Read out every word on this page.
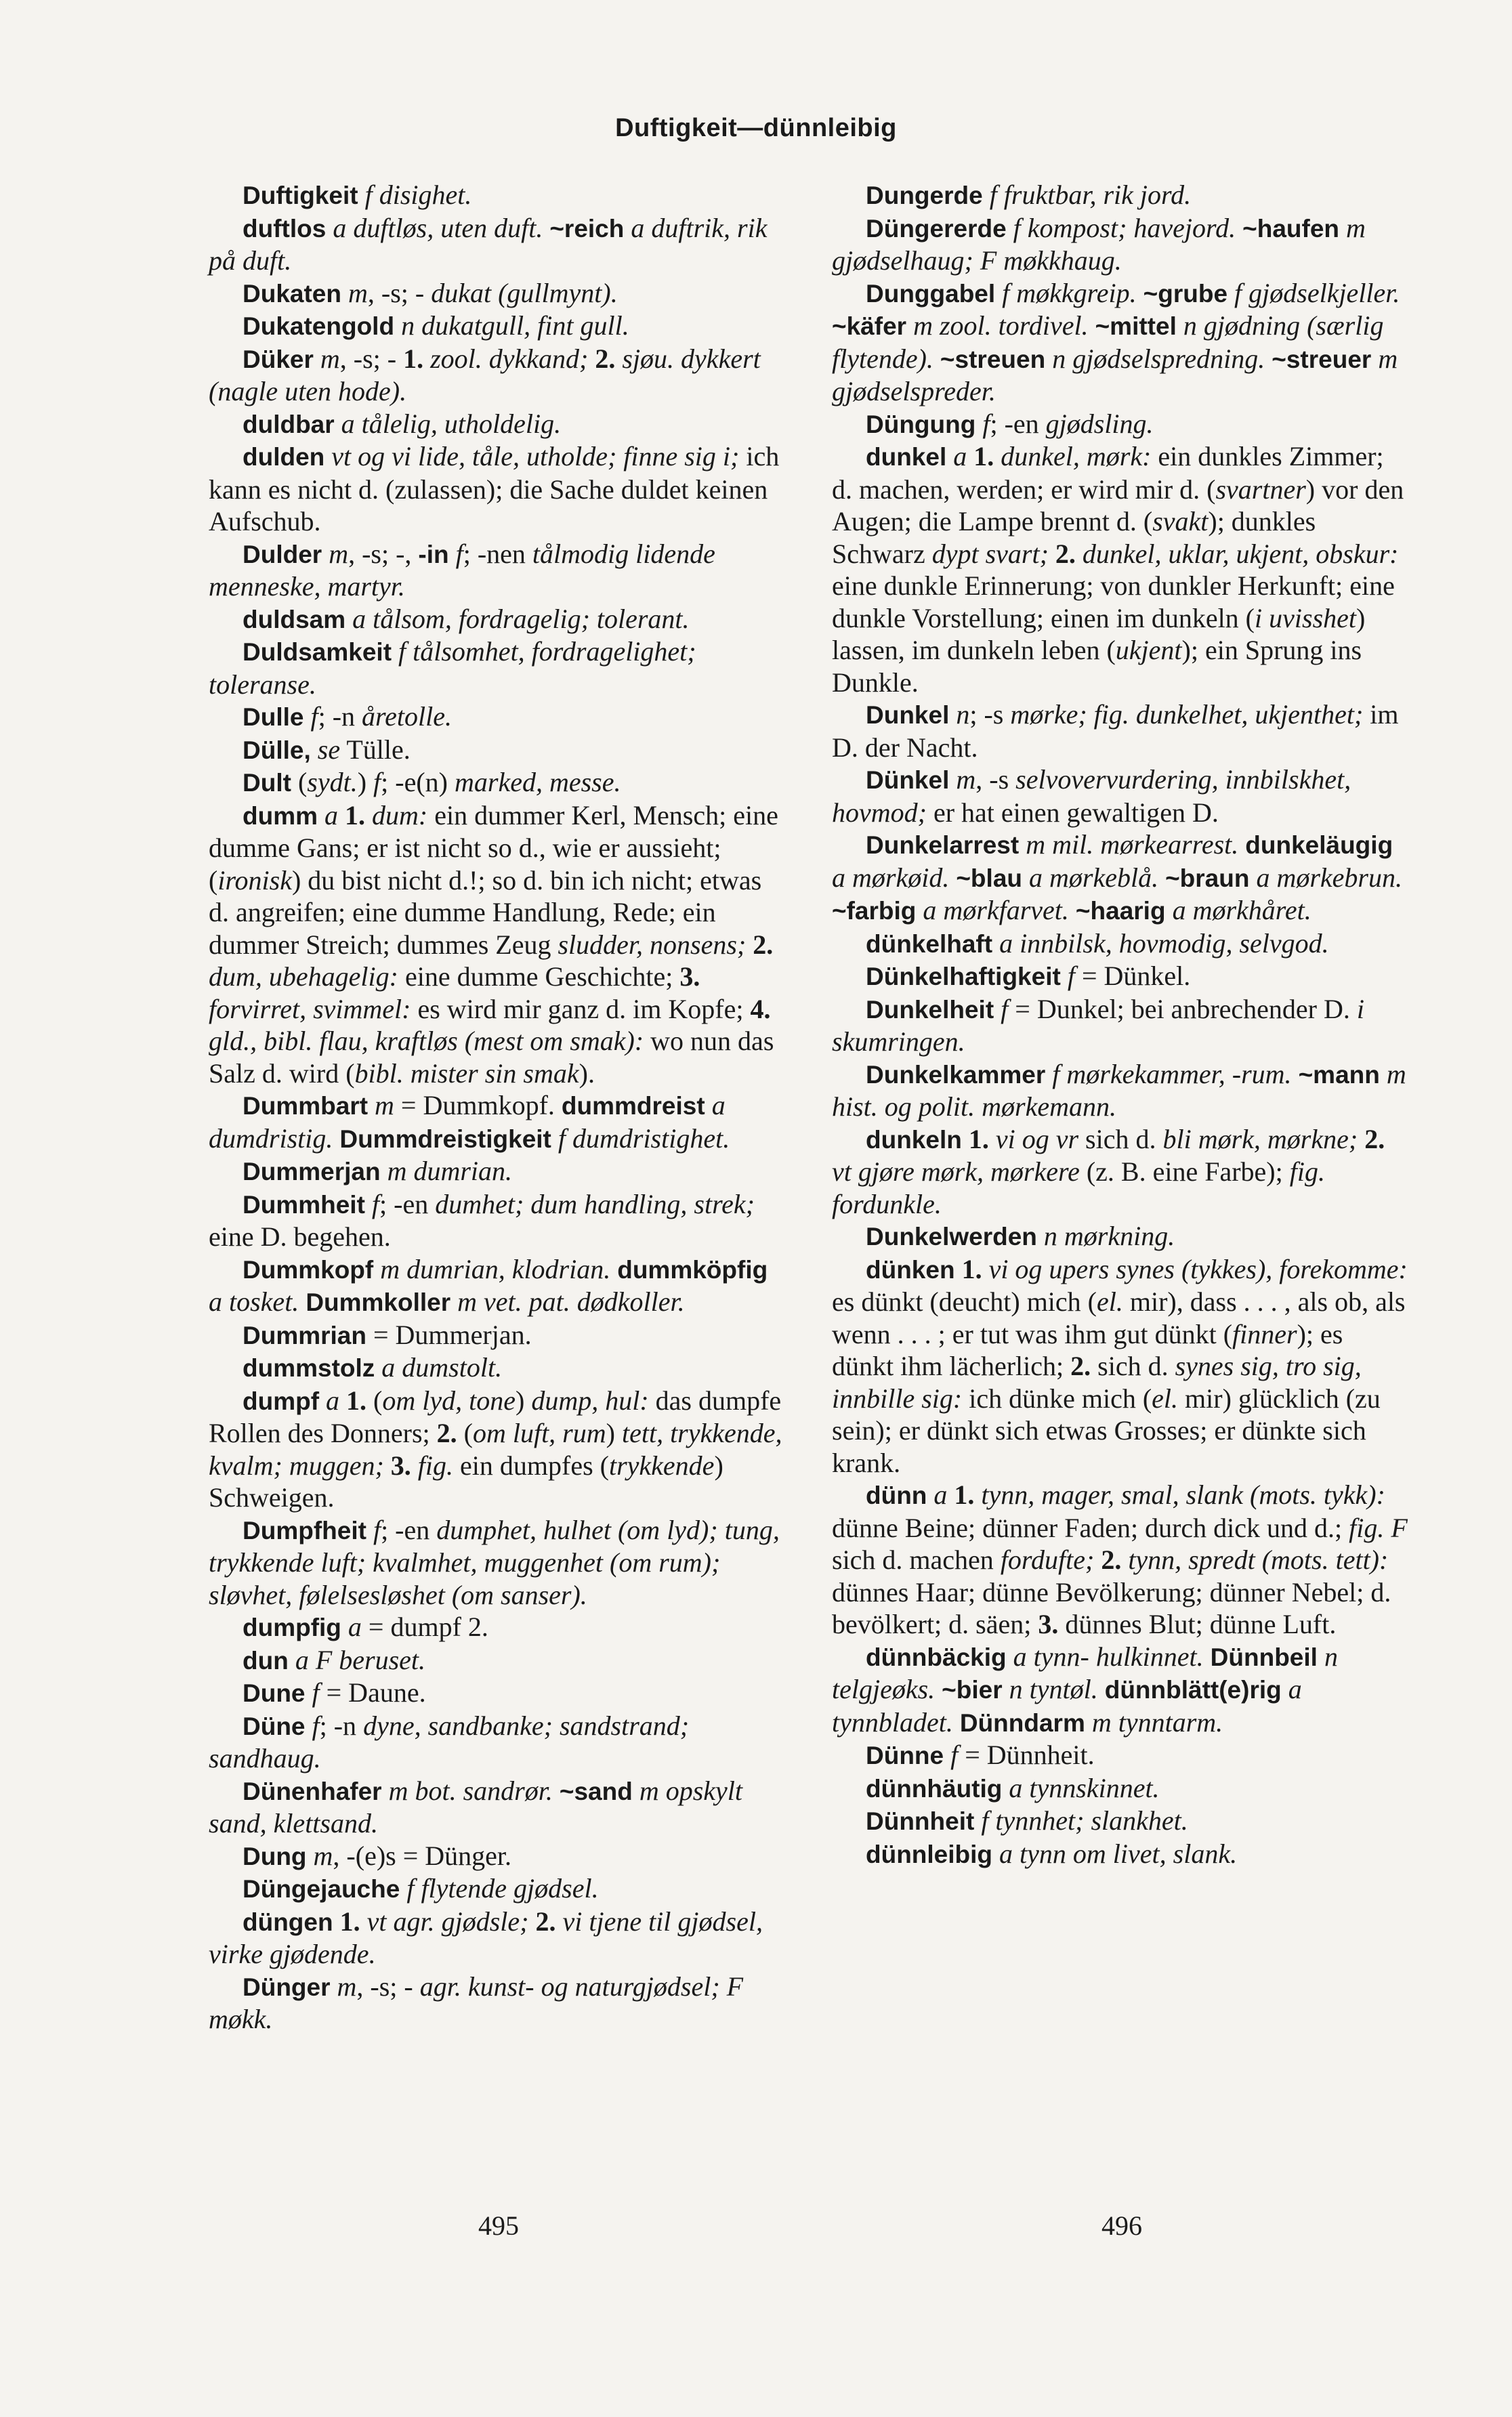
Duftigkeit—dünnleibig

Duftigkeit f disighet.

duftlos a duftløs, uten duft. ~reich a duftrik, rik på duft.

Dukaten m, -s; - dukat (gullmynt).

Dukatengold n dukatgull, fint gull.

Düker m, -s; - 1. zool. dykkand; 2. sjøu. dykkert (nagle uten hode).

duldbar a tålelig, utholdelig.

dulden vt og vi lide, tåle, utholde; finne sig i; ich kann es nicht d. (zulassen); die Sache duldet keinen Aufschub.

Dulder m, -s; -, -in f; -nen tålmodig lidende menneske, martyr.

duldsam a tålsom, fordragelig; tolerant.

Duldsamkeit f tålsomhet, fordragelighet; toleranse.

Dulle f; -n åretolle.

Dülle, se Tülle.

Dult (sydt.) f; -e(n) marked, messe.

dumm a 1. dum: ein dummer Kerl, Mensch; eine dumme Gans; er ist nicht so d., wie er aussieht; (ironisk) du bist nicht d.!; so d. bin ich nicht; etwas d. angreifen; eine dumme Handlung, Rede; ein dummer Streich; dummes Zeug sludder, nonsens; 2. dum, ubehagelig: eine dumme Geschichte; 3. forvirret, svimmel: es wird mir ganz d. im Kopfe; 4. gld., bibl. flau, kraftløs (mest om smak): wo nun das Salz d. wird (bibl. mister sin smak).

Dummbart m = Dummkopf. dummdreist a dumdristig. Dummdreistigkeit f dumdristighet.

Dummerjan m dumrian.

Dummheit f; -en dumhet; dum handling, strek; eine D. begehen.

Dummkopf m dumrian, klodrian. dummköpfig a tosket. Dummkoller m vet. pat. dødkoller.

Dummrian = Dummerjan.

dummstolz a dumstolt.

dumpf a 1. (om lyd, tone) dump, hul: das dumpfe Rollen des Donners; 2. (om luft, rum) tett, trykkende, kvalm; muggen; 3. fig. ein dumpfes (trykkende) Schweigen.

Dumpfheit f; -en dumphet, hulhet (om lyd); tung, trykkende luft; kvalmhet, muggenhet (om rum); sløvhet, følelsesløshet (om sanser).

dumpfig a = dumpf 2.

dun a F beruset.

Dune f = Daune.

Düne f; -n dyne, sandbanke; sandstrand; sandhaug.

Dünenhafer m bot. sandrør. ~sand m opskylt sand, klettsand.

Dung m, -(e)s = Dünger.

Düngejauche f flytende gjødsel.

düngen 1. vt agr. gjødsle; 2. vi tjene til gjødsel, virke gjødende.

Dünger m, -s; - agr. kunst- og naturgjødsel; F møkk.

Dungerde f fruktbar, rik jord.

Düngererde f kompost; havejord. ~haufen m gjødselhaug; F møkkhaug.

Dunggabel f møkkgreip. ~grube f gjødselkjeller. ~käfer m zool. tordivel. ~mittel n gjødning (særlig flytende). ~streuen n gjødselspredning. ~streuer m gjødselspreder.

Düngung f; -en gjødsling.

dunkel a 1. dunkel, mørk: ein dunkles Zimmer; d. machen, werden; er wird mir d. (svartner) vor den Augen; die Lampe brennt d. (svakt); dunkles Schwarz dypt svart; 2. dunkel, uklar, ukjent, obskur: eine dunkle Erinnerung; von dunkler Herkunft; eine dunkle Vorstellung; einen im dunkeln (i uvisshet) lassen, im dunkeln leben (ukjent); ein Sprung ins Dunkle.

Dunkel n; -s mørke; fig. dunkelhet, ukjenthet; im D. der Nacht.

Dünkel m, -s selvovervurdering, innbilskhet, hovmod; er hat einen gewaltigen D.

Dunkelarrest m mil. mørkearrest. dunkeläugig a mørkøid. ~blau a mørkeblå. ~braun a mørkebrun. ~farbig a mørkfarvet. ~haarig a mørkhåret.

dünkelhaft a innbilsk, hovmodig, selvgod.

Dünkelhaftigkeit f = Dünkel.

Dunkelheit f = Dunkel; bei anbrechender D. i skumringen.

Dunkelkammer f mørkekammer, -rum. ~mann m hist. og polit. mørkemann.

dunkeln 1. vi og vr sich d. bli mørk, mørkne; 2. vt gjøre mørk, mørkere (z. B. eine Farbe); fig. fordunkle.

Dunkelwerden n mørkning.

dünken 1. vi og upers synes (tykkes), forekomme: es dünkt (deucht) mich (el. mir), dass . . . , als ob, als wenn . . . ; er tut was ihm gut dünkt (finner); es dünkt ihm lächerlich; 2. sich d. synes sig, tro sig, innbille sig: ich dünke mich (el. mir) glücklich (zu sein); er dünkt sich etwas Grosses; er dünkte sich krank.

dünn a 1. tynn, mager, smal, slank (mots. tykk): dünne Beine; dünner Faden; durch dick und d.; fig. F sich d. machen fordufte; 2. tynn, spredt (mots. tett): dünnes Haar; dünne Bevölkerung; dünner Nebel; d. bevölkert; d. säen; 3. dünnes Blut; dünne Luft.

dünnbäckig a tynn- hulkinnet. Dünnbeil n telgjeøks. ~bier n tyntøl. dünnblätt(e)rig a tynnbladet. Dünndarm m tynntarm.

Dünne f = Dünnheit.

dünnhäutig a tynnskinnet.

Dünnheit f tynnhet; slankhet.

dünnleibig a tynn om livet, slank.

495	496
